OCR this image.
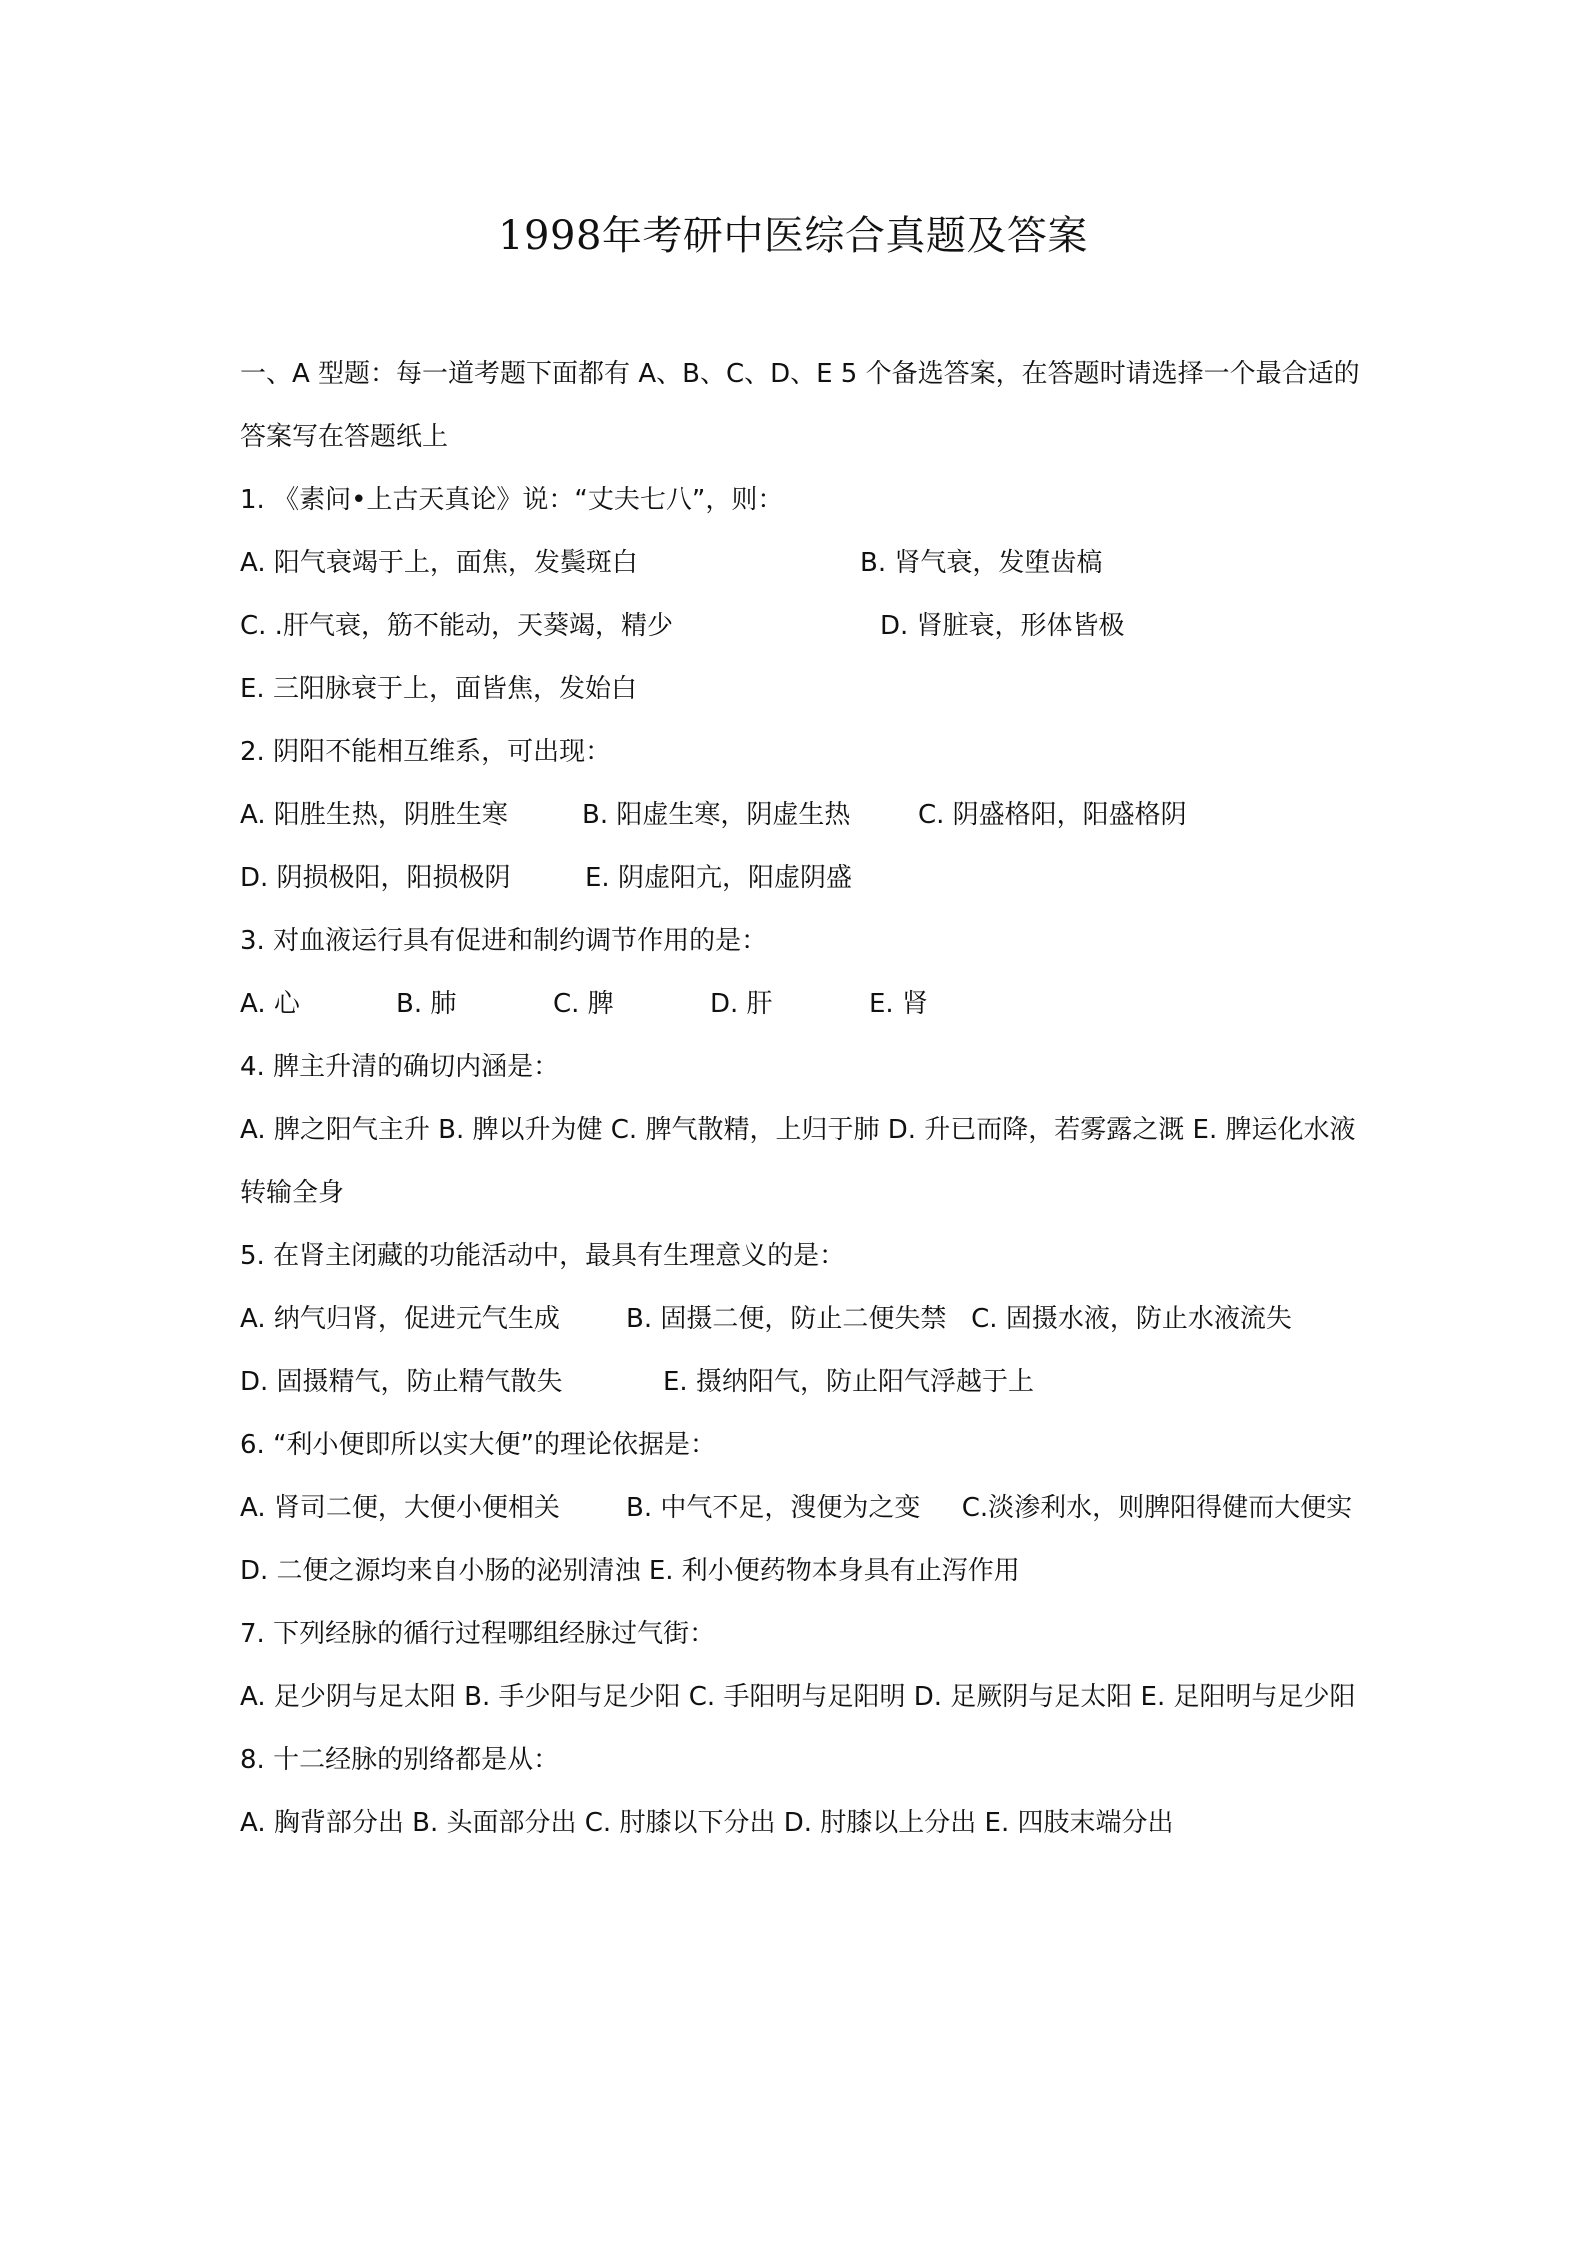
1998年考研中医综合真题及答案

一、A 型题：每一道考题下面都有 A、B、C、D、E 5 个备选答案，在答题时请选择一个最合适的答案写在答题纸上

1. 《素问•上古天真论》说：“丈夫七八”，则：

A. 阳气衰竭于上，面焦，发鬓斑白	B. 肾气衰，发堕齿槁

C. .肝气衰，筋不能动，天葵竭，精少	D. 肾脏衰，形体皆极

E. 三阳脉衰于上，面皆焦，发始白

2. 阴阳不能相互维系，可出现：

A. 阳胜生热，阴胜生寒	B. 阳虚生寒，阴虚生热	C. 阴盛格阳，阳盛格阴

D. 阴损极阳，阳损极阴	E. 阴虚阳亢，阳虚阴盛

3. 对血液运行具有促进和制约调节作用的是：

A. 心	B. 肺	C. 脾	D. 肝	E. 肾

4. 脾主升清的确切内涵是：

A. 脾之阳气主升 B. 脾以升为健 C. 脾气散精，上归于肺 D. 升已而降，若雾露之溉 E. 脾运化水液转输全身

5. 在肾主闭藏的功能活动中，最具有生理意义的是：

A. 纳气归肾，促进元气生成	B. 固摄二便，防止二便失禁 C. 固摄水液，防止水液流失

D. 固摄精气，防止精气散失	E. 摄纳阳气，防止阳气浮越于上

6. “利小便即所以实大便”的理论依据是：

A. 肾司二便，大便小便相关	B. 中气不足，溲便为之变 C.淡渗利水，则脾阳得健而大便实

D. 二便之源均来自小肠的泌别清浊 E. 利小便药物本身具有止泻作用

7. 下列经脉的循行过程哪组经脉过气街：

A. 足少阴与足太阳 B. 手少阳与足少阳 C. 手阳明与足阳明 D. 足厥阴与足太阳 E. 足阳明与足少阳

8. 十二经脉的别络都是从：

A. 胸背部分出 B. 头面部分出 C. 肘膝以下分出 D. 肘膝以上分出 E. 四肢末端分出
